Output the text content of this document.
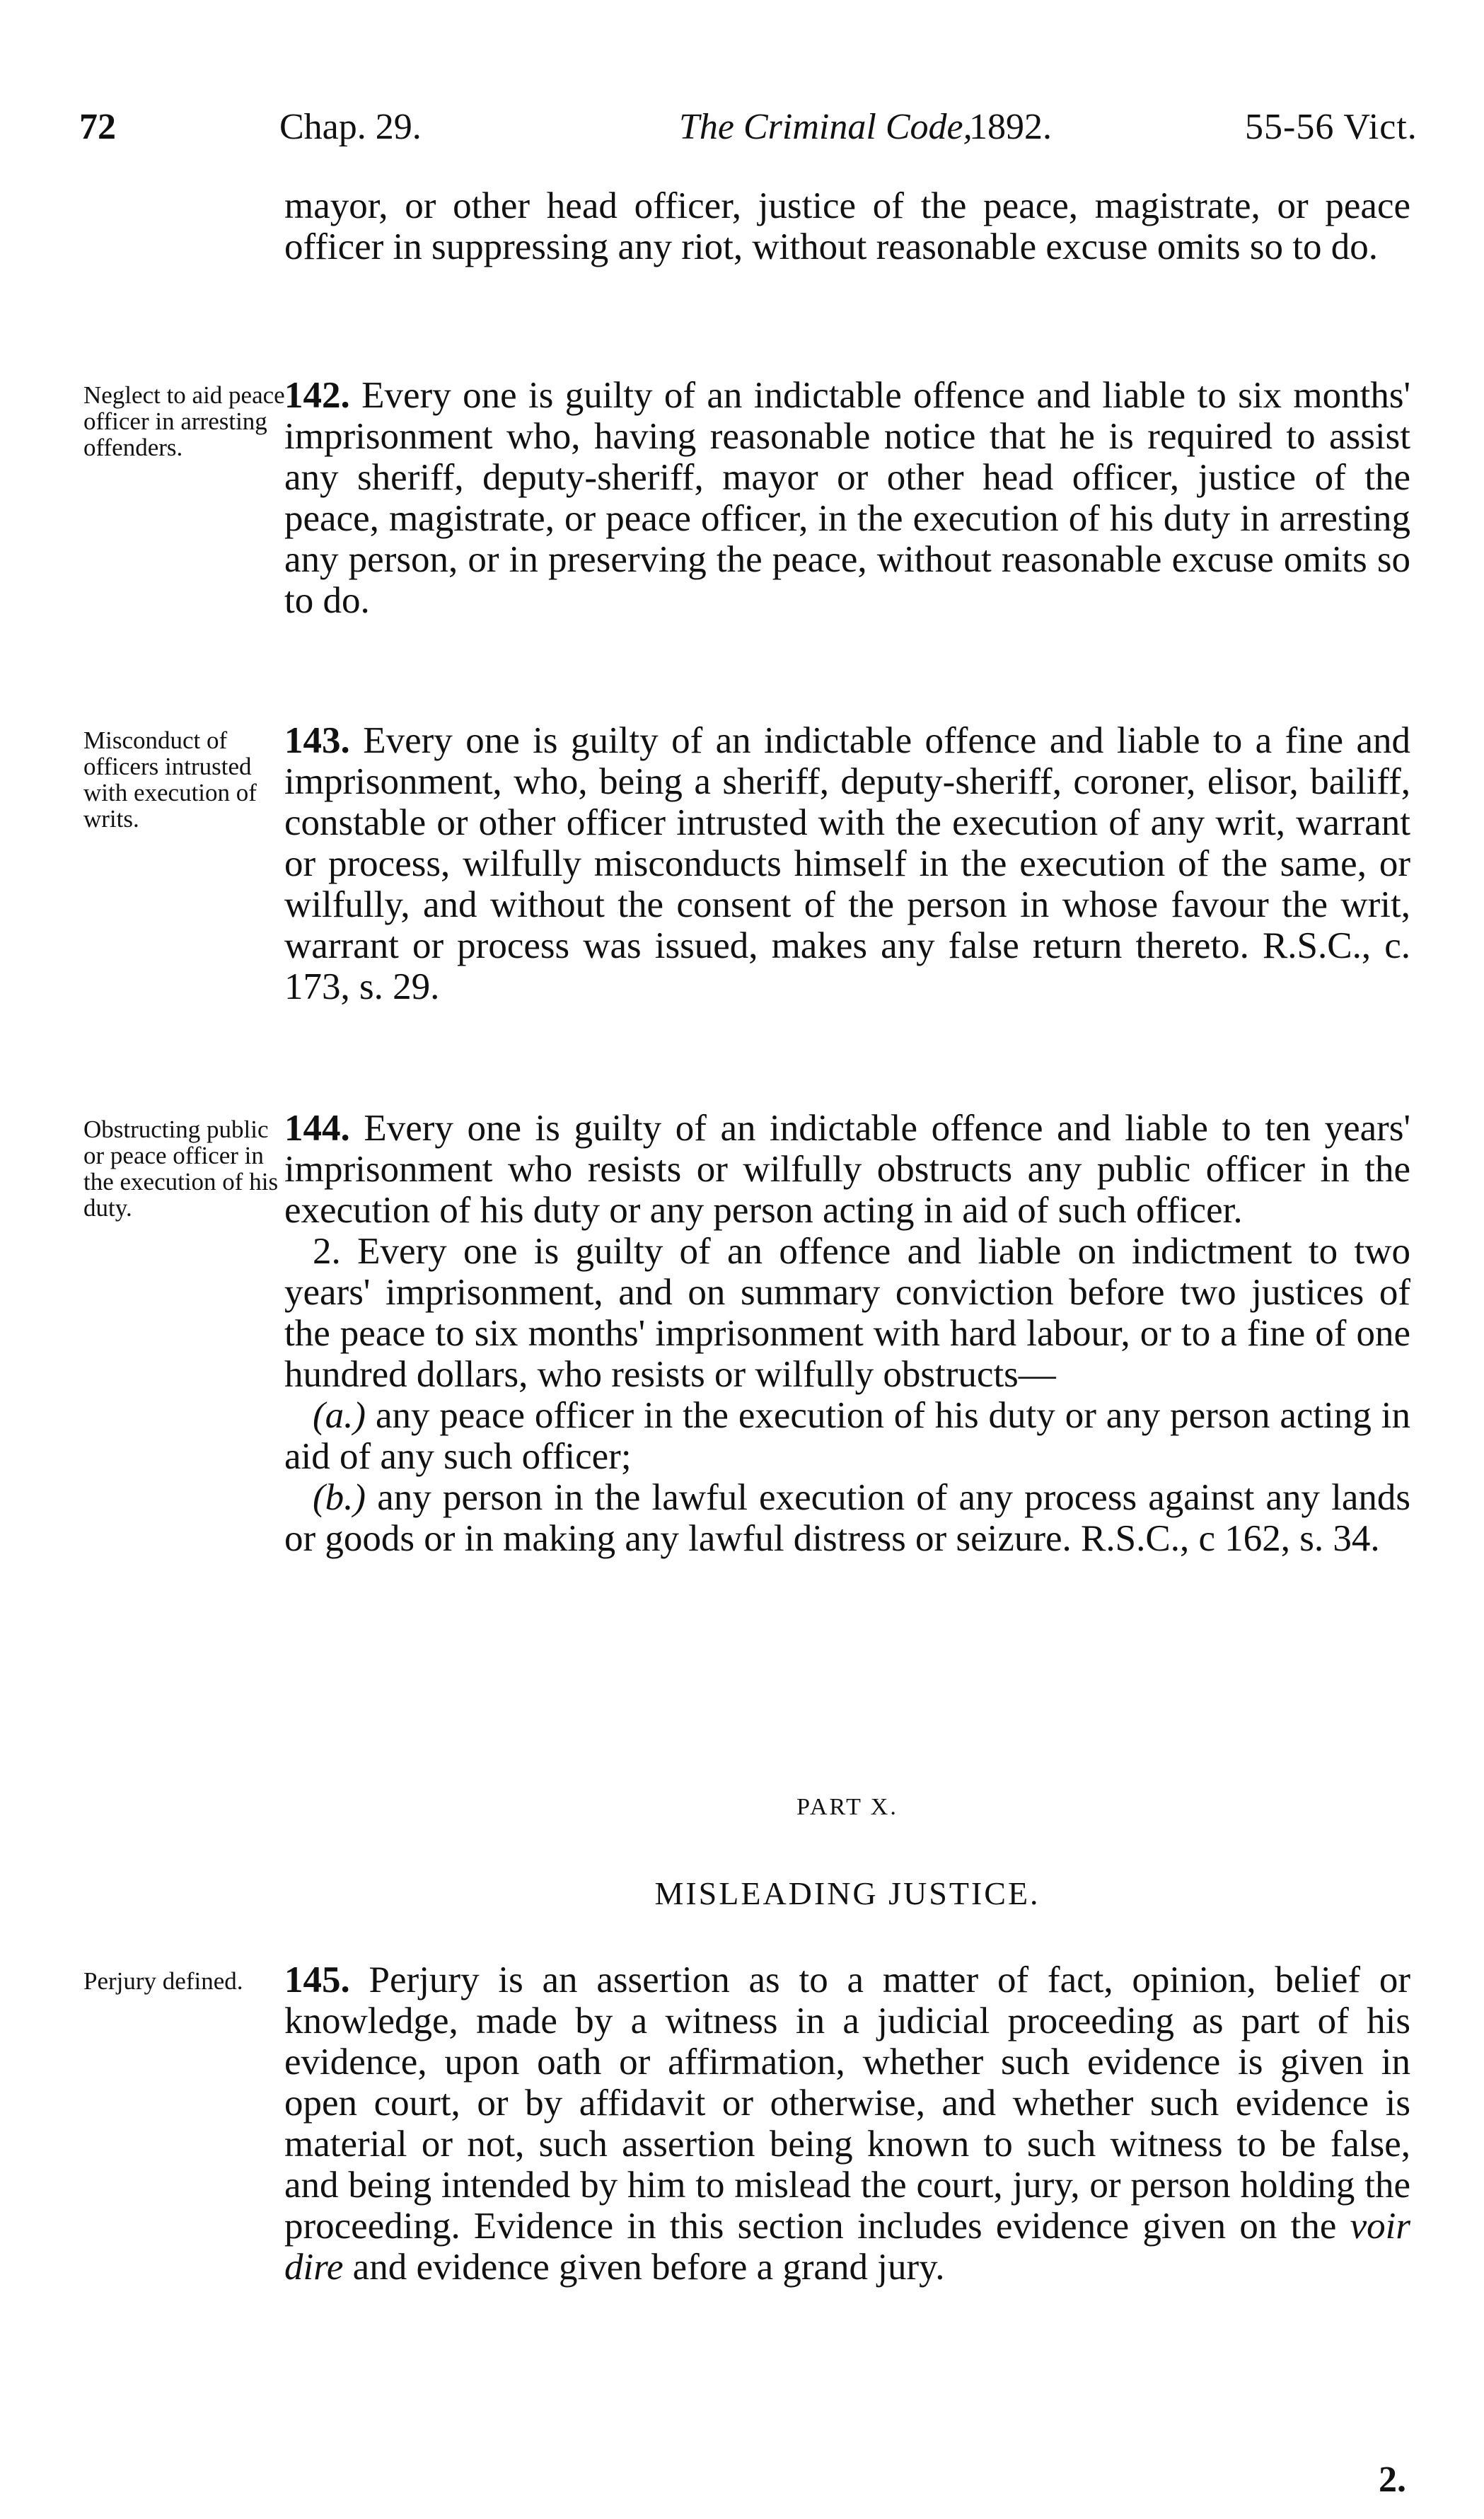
72	Chap. 29.	The Criminal Code,
1892.	55-56 Vict.

mayor, or other head officer, justice of the peace, magistrate, or peace officer in suppressing any riot, without reasonable excuse omits so to do.

Neglect to aid peace officer in arresting offenders.

142. Every one is guilty of an indictable offence and liable to six months' imprisonment who, having reasonable notice that he is required to assist any sheriff, deputy-sheriff, mayor or other head officer, justice of the peace, magistrate, or peace officer, in the execution of his duty in arresting any person, or in preserving the peace, without reasonable excuse omits so to do.

Misconduct of officers intrusted with execution of writs.

143. Every one is guilty of an indictable offence and liable to a fine and imprisonment, who, being a sheriff, deputy-sheriff, coroner, elisor, bailiff, constable or other officer intrusted with the execution of any writ, warrant or process, wilfully misconducts himself in the execution of the same, or wilfully, and without the consent of the person in whose favour the writ, warrant or process was issued, makes any false return thereto. R.S.C., c. 173, s. 29.

Obstructing public or peace officer in the execution of his duty.

144. Every one is guilty of an indictable offence and liable to ten years' imprisonment who resists or wilfully obstructs any public officer in the execution of his duty or any person acting in aid of such officer.

2. Every one is guilty of an offence and liable on indictment to two years' imprisonment, and on summary conviction before two justices of the peace to six months' imprisonment with hard labour, or to a fine of one hundred dollars, who resists or wilfully obstructs—

(a.) any peace officer in the execution of his duty or any person acting in aid of any such officer;

(b.) any person in the lawful execution of any process against any lands or goods or in making any lawful distress or seizure. R.S.C., c 162, s. 34.

PART X.
MISLEADING JUSTICE.
Perjury defined.	145. Perjury is an assertion as to a matter of fact, opinion, belief or knowledge, made by a witness in a judicial proceeding as part of his evidence, upon oath or affirmation, whether such evidence is given in open court, or by affidavit or otherwise, and whether such evidence is material or not, such assertion being known to such witness to be false, and being intended by him to mislead the court, jury, or person holding the proceeding. Evidence in this section includes evidence given on the voir dire and evidence given before a grand jury.

2.
